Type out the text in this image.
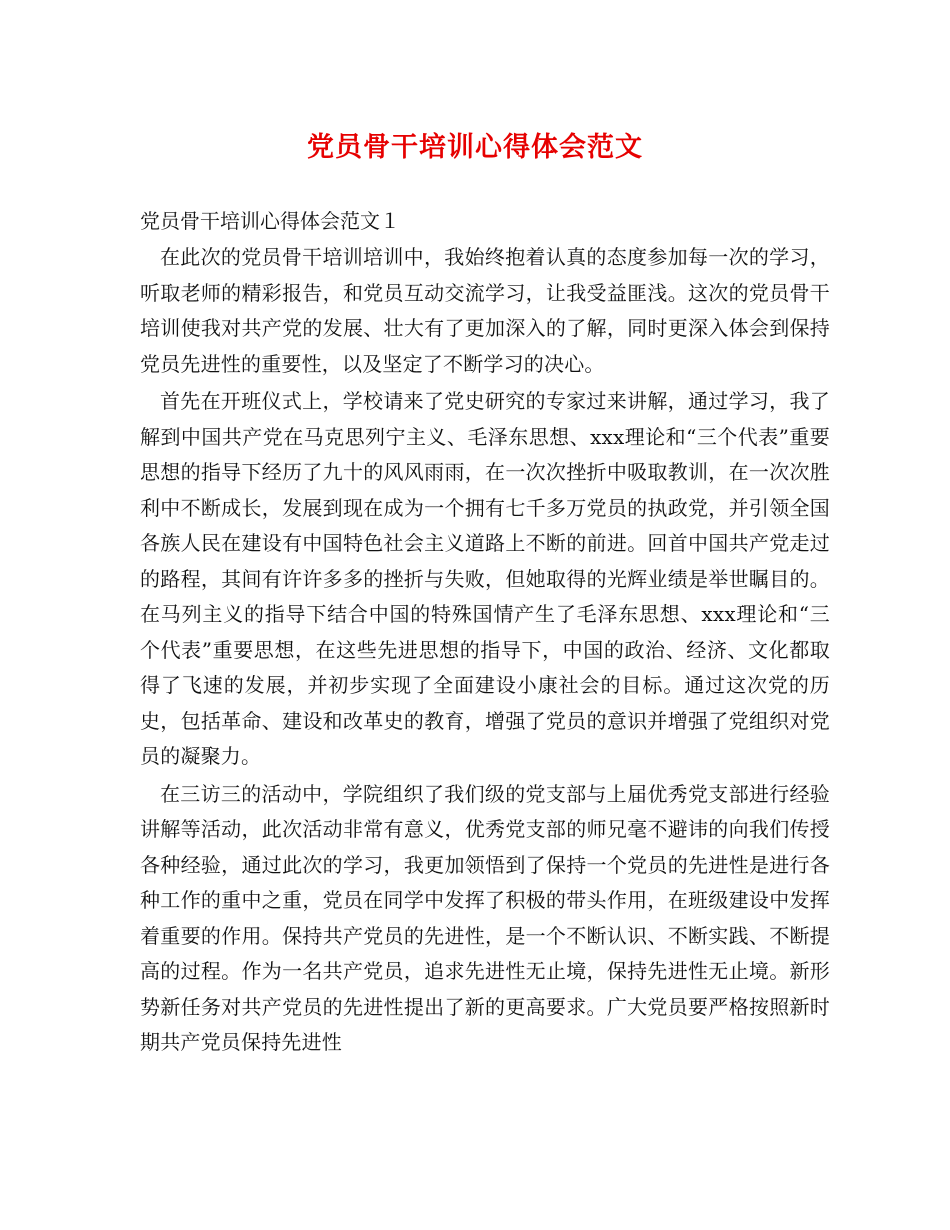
党员骨干培训心得体会范文

党员骨干培训心得体会范文１

在此次的党员骨干培训培训中，我始终抱着认真的态度参加每一次的学习，听取老师的精彩报告，和党员互动交流学习，让我受益匪浅。这次的党员骨干培训使我对共产党的发展、壮大有了更加深入的了解，同时更深入体会到保持党员先进性的重要性，以及坚定了不断学习的决心。

首先在开班仪式上，学校请来了党史研究的专家过来讲解，通过学习，我了解到中国共产党在马克思列宁主义、毛泽东思想、xxx理论和“三个代表”重要思想的指导下经历了九十的风风雨雨，在一次次挫折中吸取教训，在一次次胜利中不断成长，发展到现在成为一个拥有七千多万党员的执政党，并引领全国各族人民在建设有中国特色社会主义道路上不断的前进。回首中国共产党走过的路程，其间有许许多多的挫折与失败，但她取得的光辉业绩是举世瞩目的。在马列主义的指导下结合中国的特殊国情产生了毛泽东思想、xxx理论和“三个代表”重要思想，在这些先进思想的指导下，中国的政治、经济、文化都取得了飞速的发展，并初步实现了全面建设小康社会的目标。通过这次党的历史，包括革命、建设和改革史的教育，增强了党员的意识并增强了党组织对党员的凝聚力。

在三访三的活动中，学院组织了我们级的党支部与上届优秀党支部进行经验讲解等活动，此次活动非常有意义，优秀党支部的师兄毫不避讳的向我们传授各种经验，通过此次的学习，我更加领悟到了保持一个党员的先进性是进行各种工作的重中之重，党员在同学中发挥了积极的带头作用，在班级建设中发挥着重要的作用。保持共产党员的先进性，是一个不断认识、不断实践、不断提高的过程。作为一名共产党员，追求先进性无止境，保持先进性无止境。新形势新任务对共产党员的先进性提出了新的更高要求。广大党员要严格按照新时期共产党员保持先进性
